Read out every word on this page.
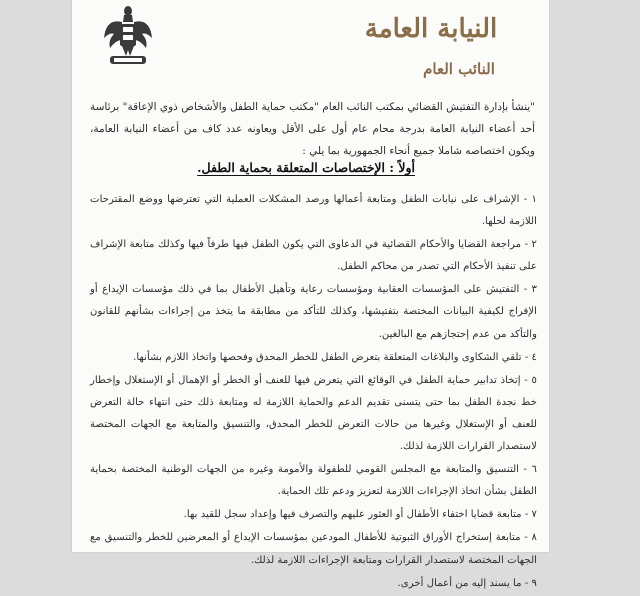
النيابة العامة
النائب العام
"ينشأ بإدارة التفتيش القضائي بمكتب النائب العام "مكتب حماية الطفل والأشخاص ذوي الإعاقة" برئاسة أحد أعضاء النيابة العامة بدرجة محام عام أول على الأقل ويعاونه عدد كاف من أعضاء النيابة العامة، ويكون اختصاصه شاملا جميع أنحاء الجمهورية بما يلي :
أولاً : الإختصاصات المتعلقة بحماية الطفل.
١ - الإشراف على نيابات الطفل ومتابعة أعمالها ورصد المشكلات العملية التي تعترضها ووضع المقترحات اللازمة لحلها.
٢ - مراجعة القضايا والأحكام القضائية في الدعاوى التي يكون الطفل فيها طرفاً فيها وكذلك متابعة الإشراف على تنفيذ الأحكام التي تصدر من محاكم الطفل.
٣ - التفتيش على المؤسسات العقابية ومؤسسات رعاية وتأهيل الأطفال بما في ذلك مؤسسات الإيداع أو الإفراج لكيفية البيانات المختصة بتفتيشها، وكذلك للتأكد من مطابقة ما يتخذ من إجراءات بشأنهم للقانون والتأكد من عدم إحتجازهم مع البالغين.
٤ - تلقي الشكاوى والبلاغات المتعلقة بتعرض الطفل للخطر المحدق وفحصها واتخاذ اللازم بشأنها.
٥ - إتخاذ تدابير حماية الطفل في الوقائع التي يتعرض فيها للعنف أو الخطر أو الإهمال أو الإستغلال وإخطار خط نجدة الطفل بما حتى يتسنى تقديم الدعم والحماية اللازمة له ومتابعة ذلك حتى انتهاء حالة التعرض للعنف أو الإستغلال وغيرها من حالات التعرض للخطر المحدق، والتنسيق والمتابعة مع الجهات المختصة لاستصدار القرارات اللازمة لذلك.
٦ - التنسيق والمتابعة مع المجلس القومي للطفولة والأمومة وغيره من الجهات الوطنية المختصة بحماية الطفل بشأن اتخاذ الإجراءات اللازمة لتعزيز ودعم تلك الحماية.
٧ - متابعة قضايا اختفاء الأطفال أو العثور عليهم والتصرف فيها وإعداد سجل للقيد بها.
٨ - متابعة إستخراج الأوراق الثبوتية للأطفال المودعين بمؤسسات الإيداع أو المعرضين للخطر والتنسيق مع الجهات المختصة لاستصدار القرارات ومتابعة الإجراءات اللازمة لذلك.
٩ - ما يسند إليه من أعمال أخرى.
